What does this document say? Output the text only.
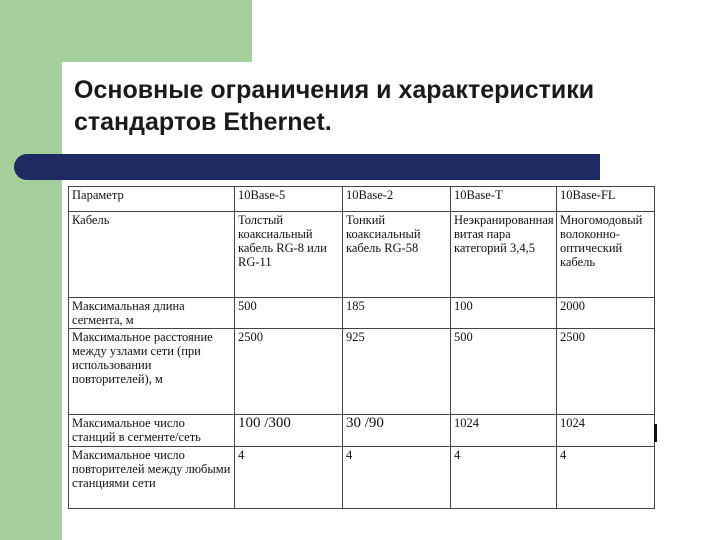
Основные ограничения и характеристики стандартов Ethernet.
Параметр	10Base-5	10Base-2	10Base-T	10Base-FL
Кабель	Толстый коаксиальный кабель RG-8 или RG-11	Тонкий коаксиальный кабель RG-58	Неэкранированная витая пара категорий 3,4,5	Многомодовый волоконно-оптический кабель
Максимальная длина сегмента, м	500	185	100	2000
Максимальное расстояние между узлами сети (при использовании повторителей), м	2500	925	500	2500
Максимальное число станций в сегменте/сеть	100 /300	30 /90	1024	1024
Максимальное число повторителей между любыми станциями сети	4	4	4	4
